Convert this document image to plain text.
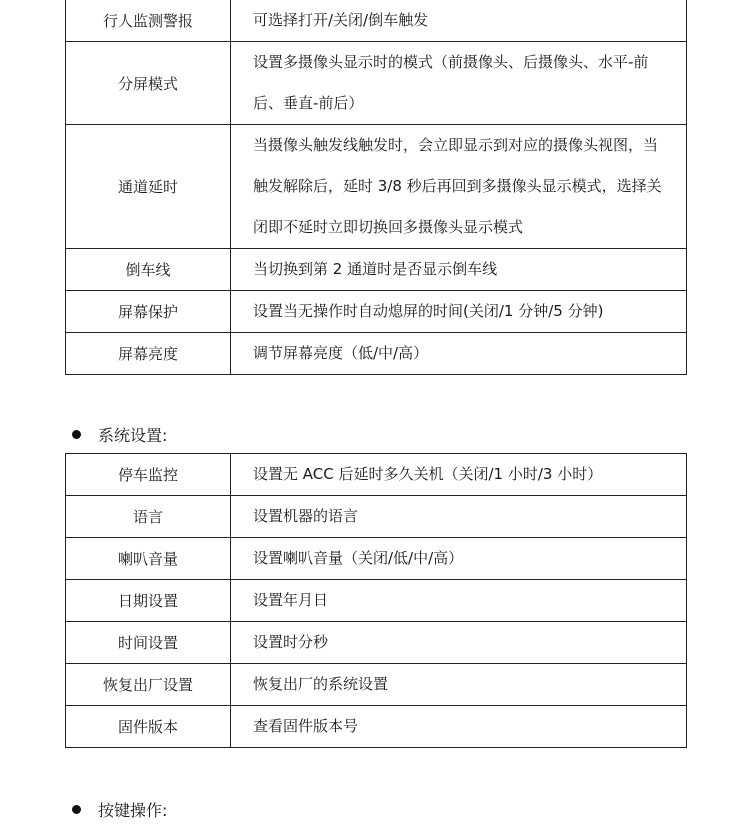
行人监测警报	可选择打开/关闭/倒车触发
分屏模式	设置多摄像头显示时的模式（前摄像头、后摄像头、水平-前后、垂直-前后）
通道延时	当摄像头触发线触发时，会立即显示到对应的摄像头视图，当触发解除后，延时 3/8 秒后再回到多摄像头显示模式，选择关闭即不延时立即切换回多摄像头显示模式
倒车线	当切换到第 2 通道时是否显示倒车线
屏幕保护	设置当无操作时自动熄屏的时间(关闭/1 分钟/5 分钟)
屏幕亮度	调节屏幕亮度（低/中/高）
系统设置:
停车监控	设置无 ACC 后延时多久关机（关闭/1 小时/3 小时）
语言	设置机器的语言
喇叭音量	设置喇叭音量（关闭/低/中/高）
日期设置	设置年月日
时间设置	设置时分秒
恢复出厂设置	恢复出厂的系统设置
固件版本	查看固件版本号
按键操作:
